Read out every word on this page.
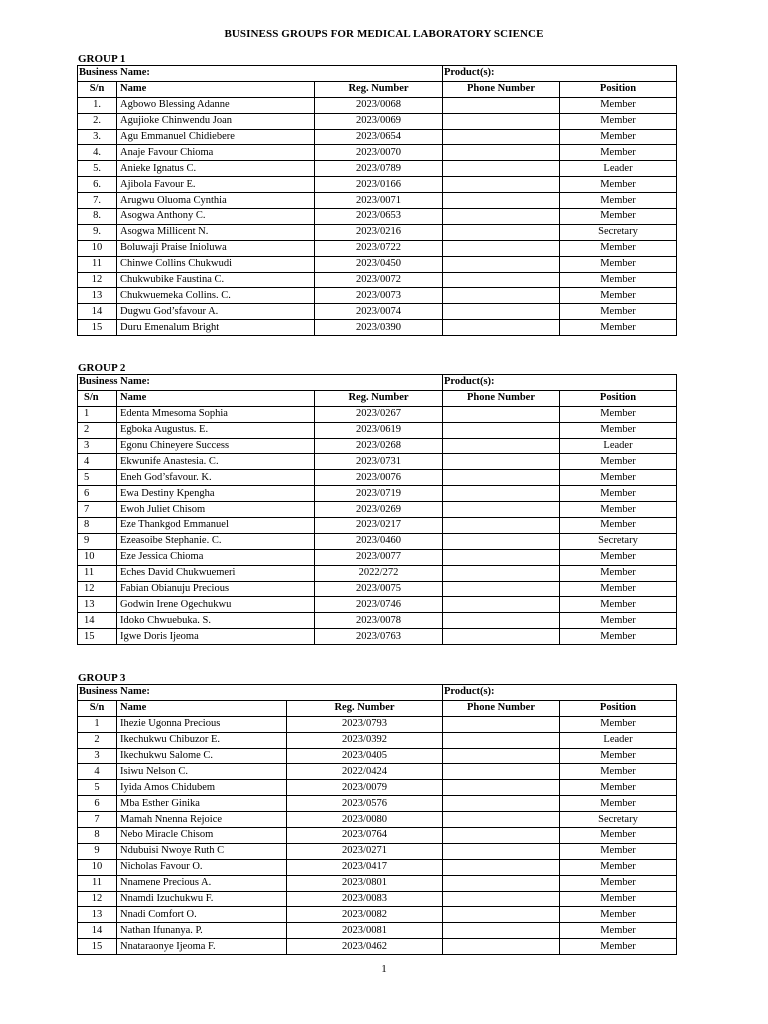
BUSINESS GROUPS FOR MEDICAL LABORATORY SCIENCE
GROUP 1
Business Name:			Product(s):	
S/n	Name	Reg. Number	Phone Number	Position
1.	Agbowo Blessing Adanne	2023/0068		Member
2.	Agujioke Chinwendu Joan	2023/0069		Member
3.	Agu Emmanuel Chidiebere	2023/0654		Member
4.	Anaje Favour Chioma	2023/0070		Member
5.	Anieke Ignatus C.	2023/0789		Leader
6.	Ajibola Favour E.	2023/0166		Member
7.	Arugwu Oluoma Cynthia	2023/0071		Member
8.	Asogwa Anthony C.	2023/0653		Member
9.	Asogwa Millicent N.	2023/0216		Secretary
10	Boluwaji Praise Inioluwa	2023/0722		Member
11	Chinwe Collins Chukwudi	2023/0450		Member
12	Chukwubike Faustina C.	2023/0072		Member
13	Chukwuemeka Collins. C.	2023/0073		Member
14	Dugwu God’sfavour A.	2023/0074		Member
15	Duru Emenalum Bright	2023/0390		Member
GROUP 2
Business Name:			Product(s):	
S/n	Name	Reg. Number	Phone Number	Position
1	Edenta Mmesoma Sophia	2023/0267		Member
2	Egboka Augustus. E.	2023/0619		Member
3	Egonu Chineyere Success	2023/0268		Leader
4	Ekwunife Anastesia. C.	2023/0731		Member
5	Eneh God’sfavour. K.	2023/0076		Member
6	Ewa Destiny Kpengha	2023/0719		Member
7	Ewoh Juliet Chisom	2023/0269		Member
8	Eze Thankgod Emmanuel	2023/0217		Member
9	Ezeasoibe Stephanie. C.	2023/0460		Secretary
10	Eze Jessica Chioma	2023/0077		Member
11	Eches David Chukwuemeri	2022/272		Member
12	Fabian Obianuju Precious	2023/0075		Member
13	Godwin Irene Ogechukwu	2023/0746		Member
14	Idoko Chwuebuka. S.	2023/0078		Member
15	Igwe Doris Ijeoma	2023/0763		Member
GROUP 3
Business Name:			Product(s):	
S/n	Name	Reg. Number	Phone Number	Position
1	Ihezie Ugonna Precious	2023/0793		Member
2	Ikechukwu Chibuzor E.	2023/0392		Leader
3	Ikechukwu Salome C.	2023/0405		Member
4	Isiwu Nelson C.	2022/0424		Member
5	Iyida Amos Chidubem	2023/0079		Member
6	Mba Esther Ginika	2023/0576		Member
7	Mamah Nnenna Rejoice	2023/0080		Secretary
8	Nebo Miracle Chisom	2023/0764		Member
9	Ndubuisi Nwoye Ruth C	2023/0271		Member
10	Nicholas Favour O.	2023/0417		Member
11	Nnamene Precious A.	2023/0801		Member
12	Nnamdi Izuchukwu F.	2023/0083		Member
13	Nnadi Comfort O.	2023/0082		Member
14	Nathan Ifunanya. P.	2023/0081		Member
15	Nnataraonye Ijeoma F.	2023/0462		Member
1
